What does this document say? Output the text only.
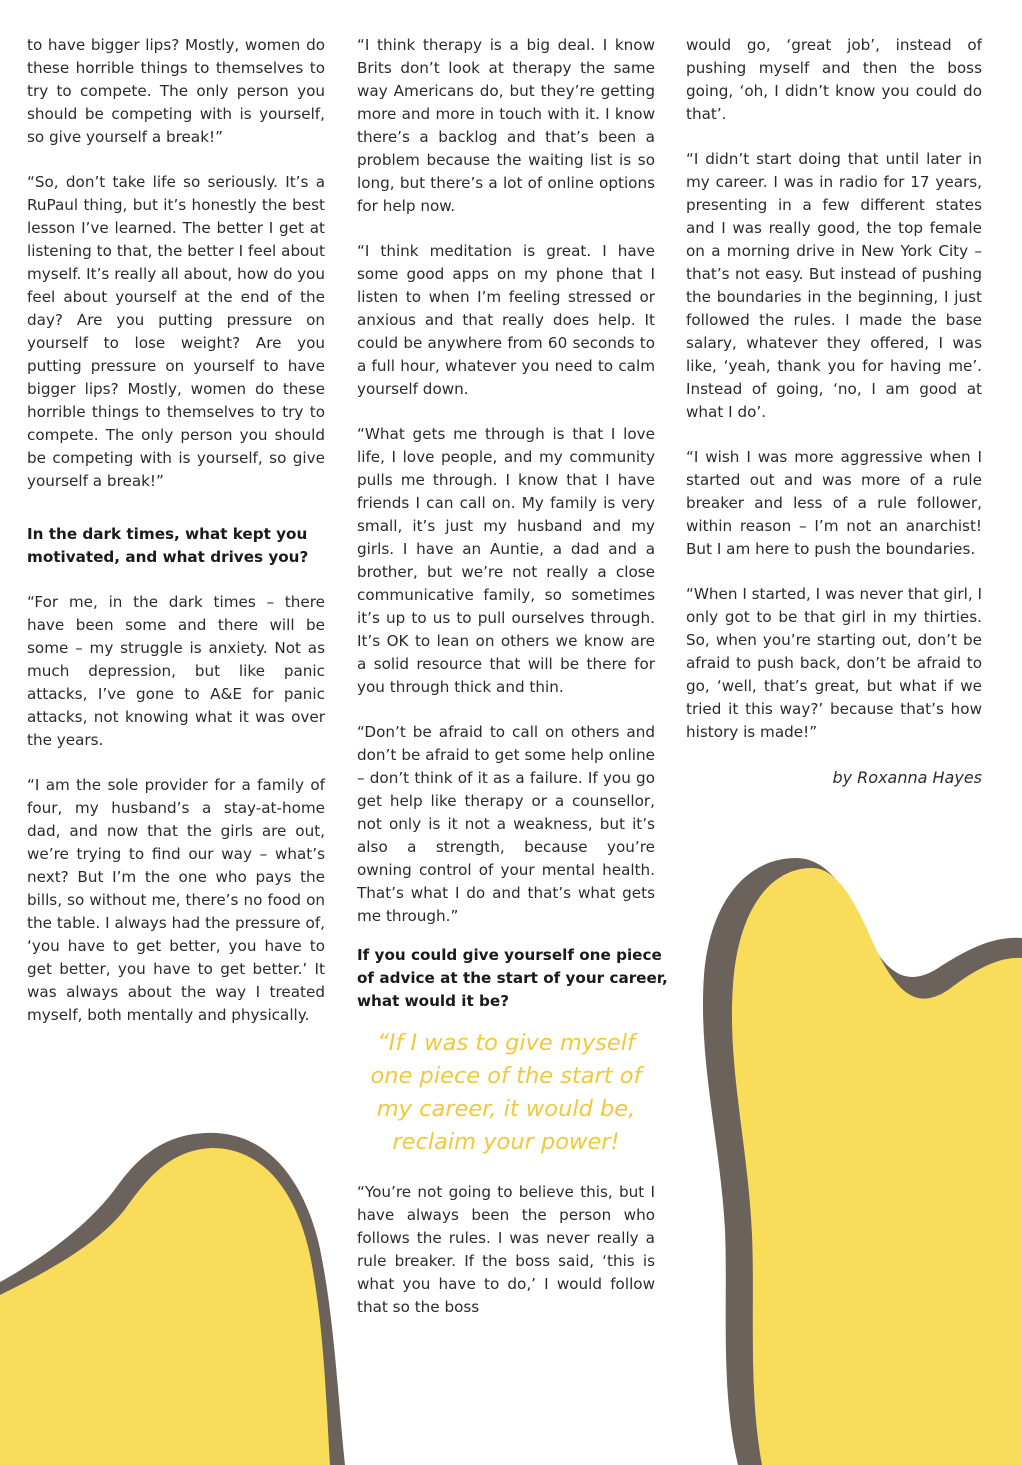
to have bigger lips? Mostly, women do these horrible things to themselves to try to compete. The only person you should be competing with is yourself, so give yourself a break!”

“So, don’t take life so seriously. It’s a RuPaul thing, but it’s honestly the best lesson I’ve learned. The better I get at listening to that, the better I feel about myself. It’s really all about, how do you feel about yourself at the end of the day? Are you putting pressure on yourself to lose weight? Are you putting pressure on yourself to have bigger lips? Mostly, women do these horrible things to themselves to try to compete. The only person you should be competing with is yourself, so give yourself a break!”

In the dark times, what kept you motivated, and what drives you?

“For me, in the dark times – there have been some and there will be some – my struggle is anxiety. Not as much depression, but like panic attacks, I’ve gone to A&E for panic attacks, not knowing what it was over the years.

“I am the sole provider for a family of four, my husband’s a stay-at-home dad, and now that the girls are out, we’re trying to find our way – what’s next? But I’m the one who pays the bills, so without me, there’s no food on the table. I always had the pressure of, ‘you have to get better, you have to get better, you have to get better.’ It was always about the way I treated myself, both mentally and physically.

“I think therapy is a big deal. I know Brits don’t look at therapy the same way Americans do, but they’re getting more and more in touch with it. I know there’s a backlog and that’s been a problem because the waiting list is so long, but there’s a lot of online options for help now.

“I think meditation is great. I have some good apps on my phone that I listen to when I’m feeling stressed or anxious and that really does help. It could be anywhere from 60 seconds to a full hour, whatever you need to calm yourself down.

“What gets me through is that I love life, I love people, and my community pulls me through. I know that I have friends I can call on. My family is very small, it’s just my husband and my girls. I have an Auntie, a dad and a brother, but we’re not really a close communicative family, so sometimes it’s up to us to pull ourselves through. It’s OK to lean on others we know are a solid resource that will be there for you through thick and thin.

“Don’t be afraid to call on others and don’t be afraid to get some help online – don’t think of it as a failure. If you go get help like therapy or a counsellor, not only is it not a weakness, but it’s also a strength, because you’re owning control of your mental health. That’s what I do and that’s what gets me through.”

If you could give yourself one piece of advice at the start of your career, what would it be?

“If I was to give myself one piece of the start of my career, it would be, reclaim your power!

“You’re not going to believe this, but I have always been the person who follows the rules. I was never really a rule breaker. If the boss said, ‘this is what you have to do,’ I would follow that so the boss

would go, ‘great job’, instead of pushing myself and then the boss going, ‘oh, I didn’t know you could do that’.

“I didn’t start doing that until later in my career. I was in radio for 17 years, presenting in a few different states and I was really good, the top female on a morning drive in New York City – that’s not easy. But instead of pushing the boundaries in the beginning, I just followed the rules. I made the base salary, whatever they offered, I was like, ‘yeah, thank you for having me’. Instead of going, ‘no, I am good at what I do’.

“I wish I was more aggressive when I started out and was more of a rule breaker and less of a rule follower, within reason – I’m not an anarchist! But I am here to push the boundaries.

“When I started, I was never that girl, I only got to be that girl in my thirties. So, when you’re starting out, don’t be afraid to push back, don’t be afraid to go, ‘well, that’s great, but what if we tried it this way?’ because that’s how history is made!”

by Roxanna Hayes
